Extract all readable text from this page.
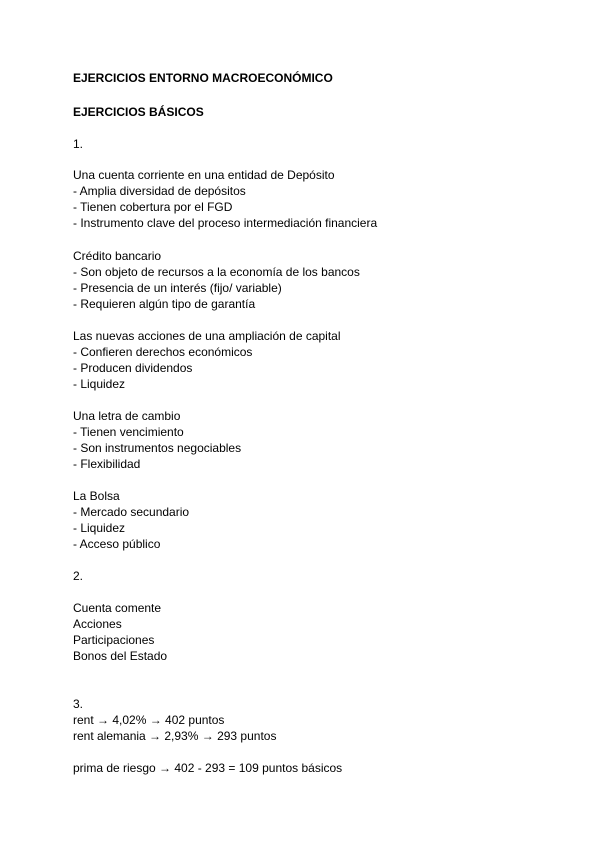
EJERCICIOS ENTORNO MACROECONÓMICO
EJERCICIOS BÁSICOS
1.
Una cuenta corriente en una entidad de Depósito
- Amplia diversidad de depósitos
- Tienen cobertura por el FGD
- Instrumento clave del proceso intermediación financiera
Crédito bancario
- Son objeto de recursos a la economía de los bancos
- Presencia de un interés (fijo/ variable)
- Requieren algún tipo de garantía
Las nuevas acciones de una ampliación de capital
- Confieren derechos económicos
- Producen dividendos
- Liquidez
Una letra de cambio
- Tienen vencimiento
- Son instrumentos negociables
- Flexibilidad
La Bolsa
- Mercado secundario
- Liquidez
- Acceso público
2.
Cuenta comente
Acciones
Participaciones
Bonos del Estado
3.
rent → 4,02% → 402 puntos
rent alemania → 2,93% → 293 puntos
prima de riesgo → 402 - 293 = 109 puntos básicos
